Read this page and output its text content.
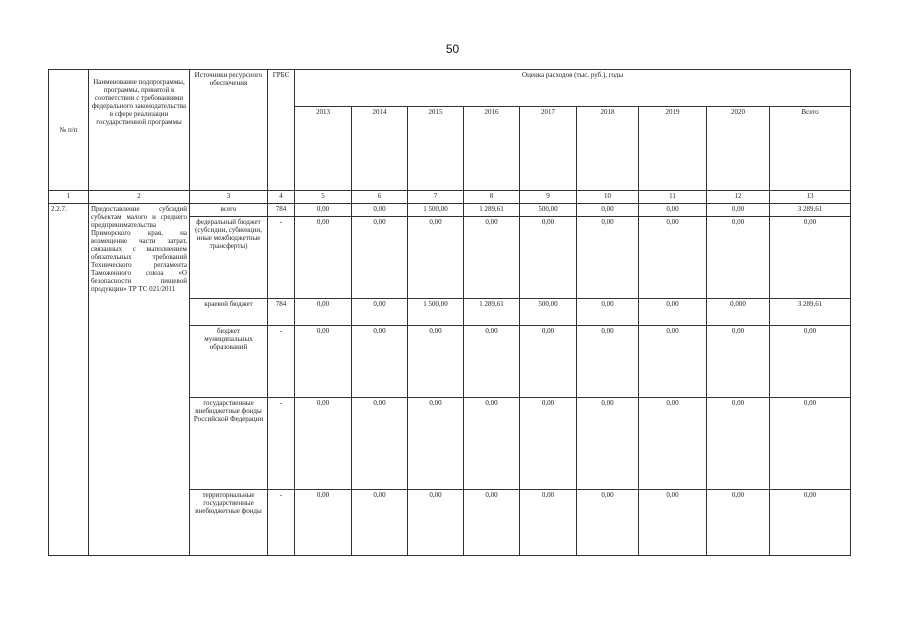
50
№ п/п	Наименование подпрограммы, программы, принятой в соответствии с требованиями федерального законодательства в сфере реализации государственной программы	Источники ресурсного обеспечения	ГРБС	Оценка расходов (тыс. руб.), годы								
				2013	2014	2015	2016	2017	2018	2019	2020	Всего
1	2	3	4	5	6	7	8	9	10	11	12	13
2.2.7.	Предоставление субсидий субъектам малого и среднего предпринимательства Приморского края, на возмещение части затрат, связанных с выполнением обязательных требований Технического регламента Таможенного союза «О безопасности пищевой продукции» ТР ТС 021/2011	всего	784	0,00	0,00	1 500,00	1 289,61	500,00	0,00	0,00	0,00	3 289,61
		федеральный бюджет (субсидии, субвенции, иные межбюджетные трансферты)	-	0,00	0,00	0,00	0,00	0,00	0,00	0,00	0,00	0,00
		краевой бюджет	784	0,00	0,00	1 500,00	1 289,61	500,00	0,00	0,00	0,000	3 289,61
		бюджет муниципальных образований	-	0,00	0,00	0,00	0,00	0,00	0,00	0,00	0,00	0,00
		государственные внебюджетные фонды Российской Федерации	-	0,00	0,00	0,00	0,00	0,00	0,00	0,00	0,00	0,00
		территориальные государственные внебюджетные фонды	-	0,00	0,00	0,00	0,00	0,00	0,00	0,00	0,00	0,00
